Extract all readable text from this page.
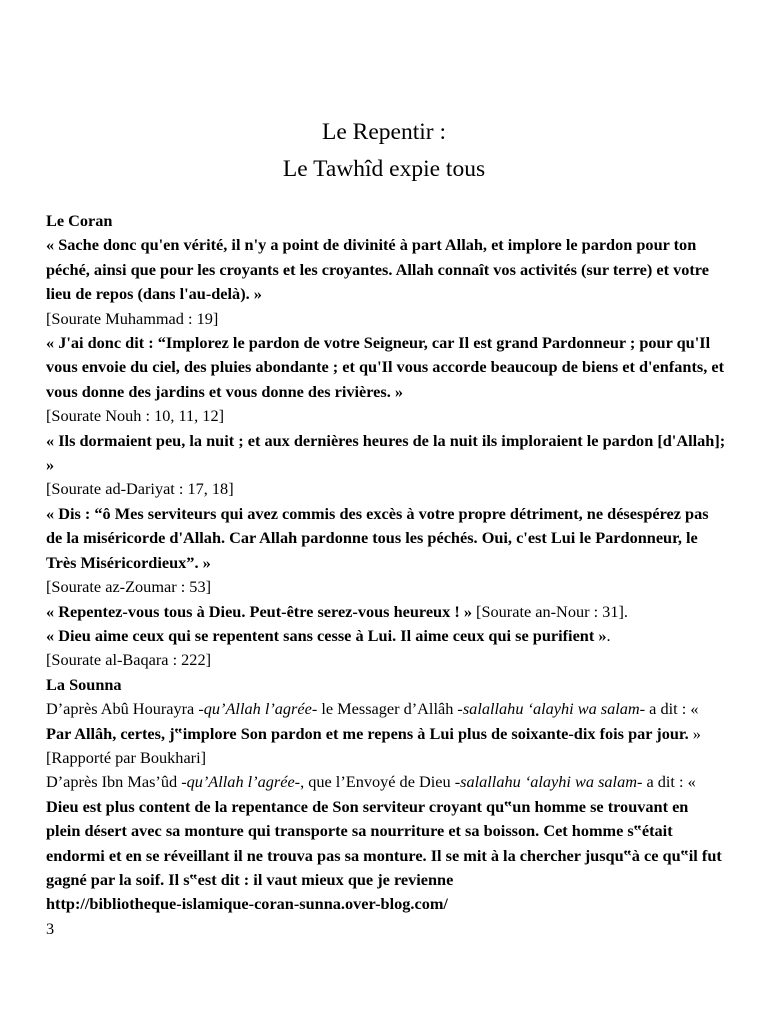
Le Repentir :
Le Tawhîd expie tous

Le Coran

« Sache donc qu'en vérité, il n'y a point de divinité à part Allah, et implore le pardon pour ton péché, ainsi que pour les croyants et les croyantes. Allah connaît vos activités (sur terre) et votre lieu de repos (dans l'au-delà). »

[Sourate Muhammad : 19]

« J'ai donc dit : “Implorez le pardon de votre Seigneur, car Il est grand Pardonneur ; pour qu'Il vous envoie du ciel, des pluies abondante ; et qu'Il vous accorde beaucoup de biens et d'enfants, et vous donne des jardins et vous donne des rivières. »

[Sourate Nouh : 10, 11, 12]

« Ils dormaient peu, la nuit ; et aux dernières heures de la nuit ils imploraient le pardon [d'Allah]; »

[Sourate ad-Dariyat : 17, 18]

« Dis : “ô Mes serviteurs qui avez commis des excès à votre propre détriment, ne désespérez pas de la miséricorde d'Allah. Car Allah pardonne tous les péchés. Oui, c'est Lui le Pardonneur, le Très Miséricordieux”. »

[Sourate az-Zoumar : 53]

« Repentez-vous tous à Dieu. Peut-être serez-vous heureux ! » [Sourate an-Nour : 31].

« Dieu aime ceux qui se repentent sans cesse à Lui. Il aime ceux qui se purifient ».

[Sourate al-Baqara : 222]

La Sounna

D’après Abû Hourayra -qu’Allah l’agrée- le Messager d’Allâh -salallahu ‘alayhi wa salam- a dit : « Par Allâh, certes, j‟implore Son pardon et me repens à Lui plus de soixante-dix fois par jour. » [Rapporté par Boukhari]

D’après Ibn Mas’ûd -qu’Allah l’agrée-, que l’Envoyé de Dieu -salallahu ‘alayhi wa salam- a dit : « Dieu est plus content de la repentance de Son serviteur croyant qu‟un homme se trouvant en plein désert avec sa monture qui transporte sa nourriture et sa boisson. Cet homme s‟était endormi et en se réveillant il ne trouva pas sa monture. Il se mit à la chercher jusqu‟à ce qu‟il fut gagné par la soif. Il s‟est dit : il vaut mieux que je revienne

http://bibliotheque-islamique-coran-sunna.over-blog.com/

3
